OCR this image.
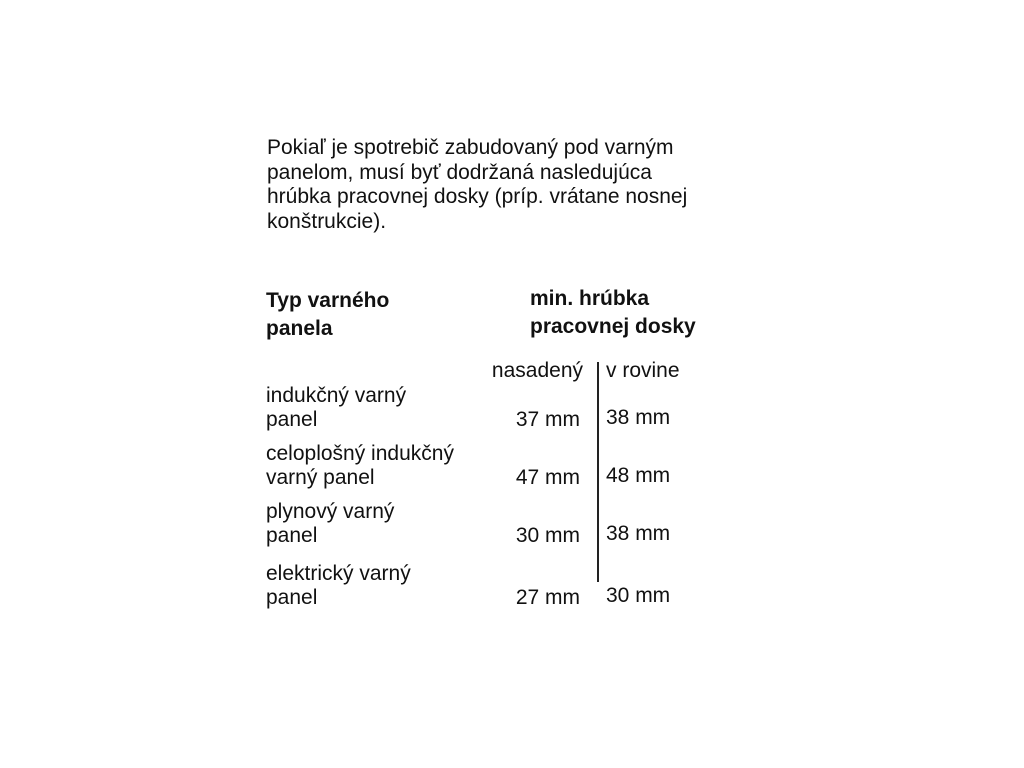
Pokiaľ je spotrebič zabudovaný pod varným
panelom, musí byť dodržaná nasledujúca
hrúbka pracovnej dosky (príp. vrátane nosnej
konštrukcie).
Typ varného
panela
min. hrúbka
pracovnej dosky
nasadený v rovine
indukčný varný
panel	37 mm 38 mm
celoplošný indukčný
varný panel	47 mm 48 mm
plynový varný
panel	30 mm 38 mm
elektrický varný
panel	27 mm 30 mm
